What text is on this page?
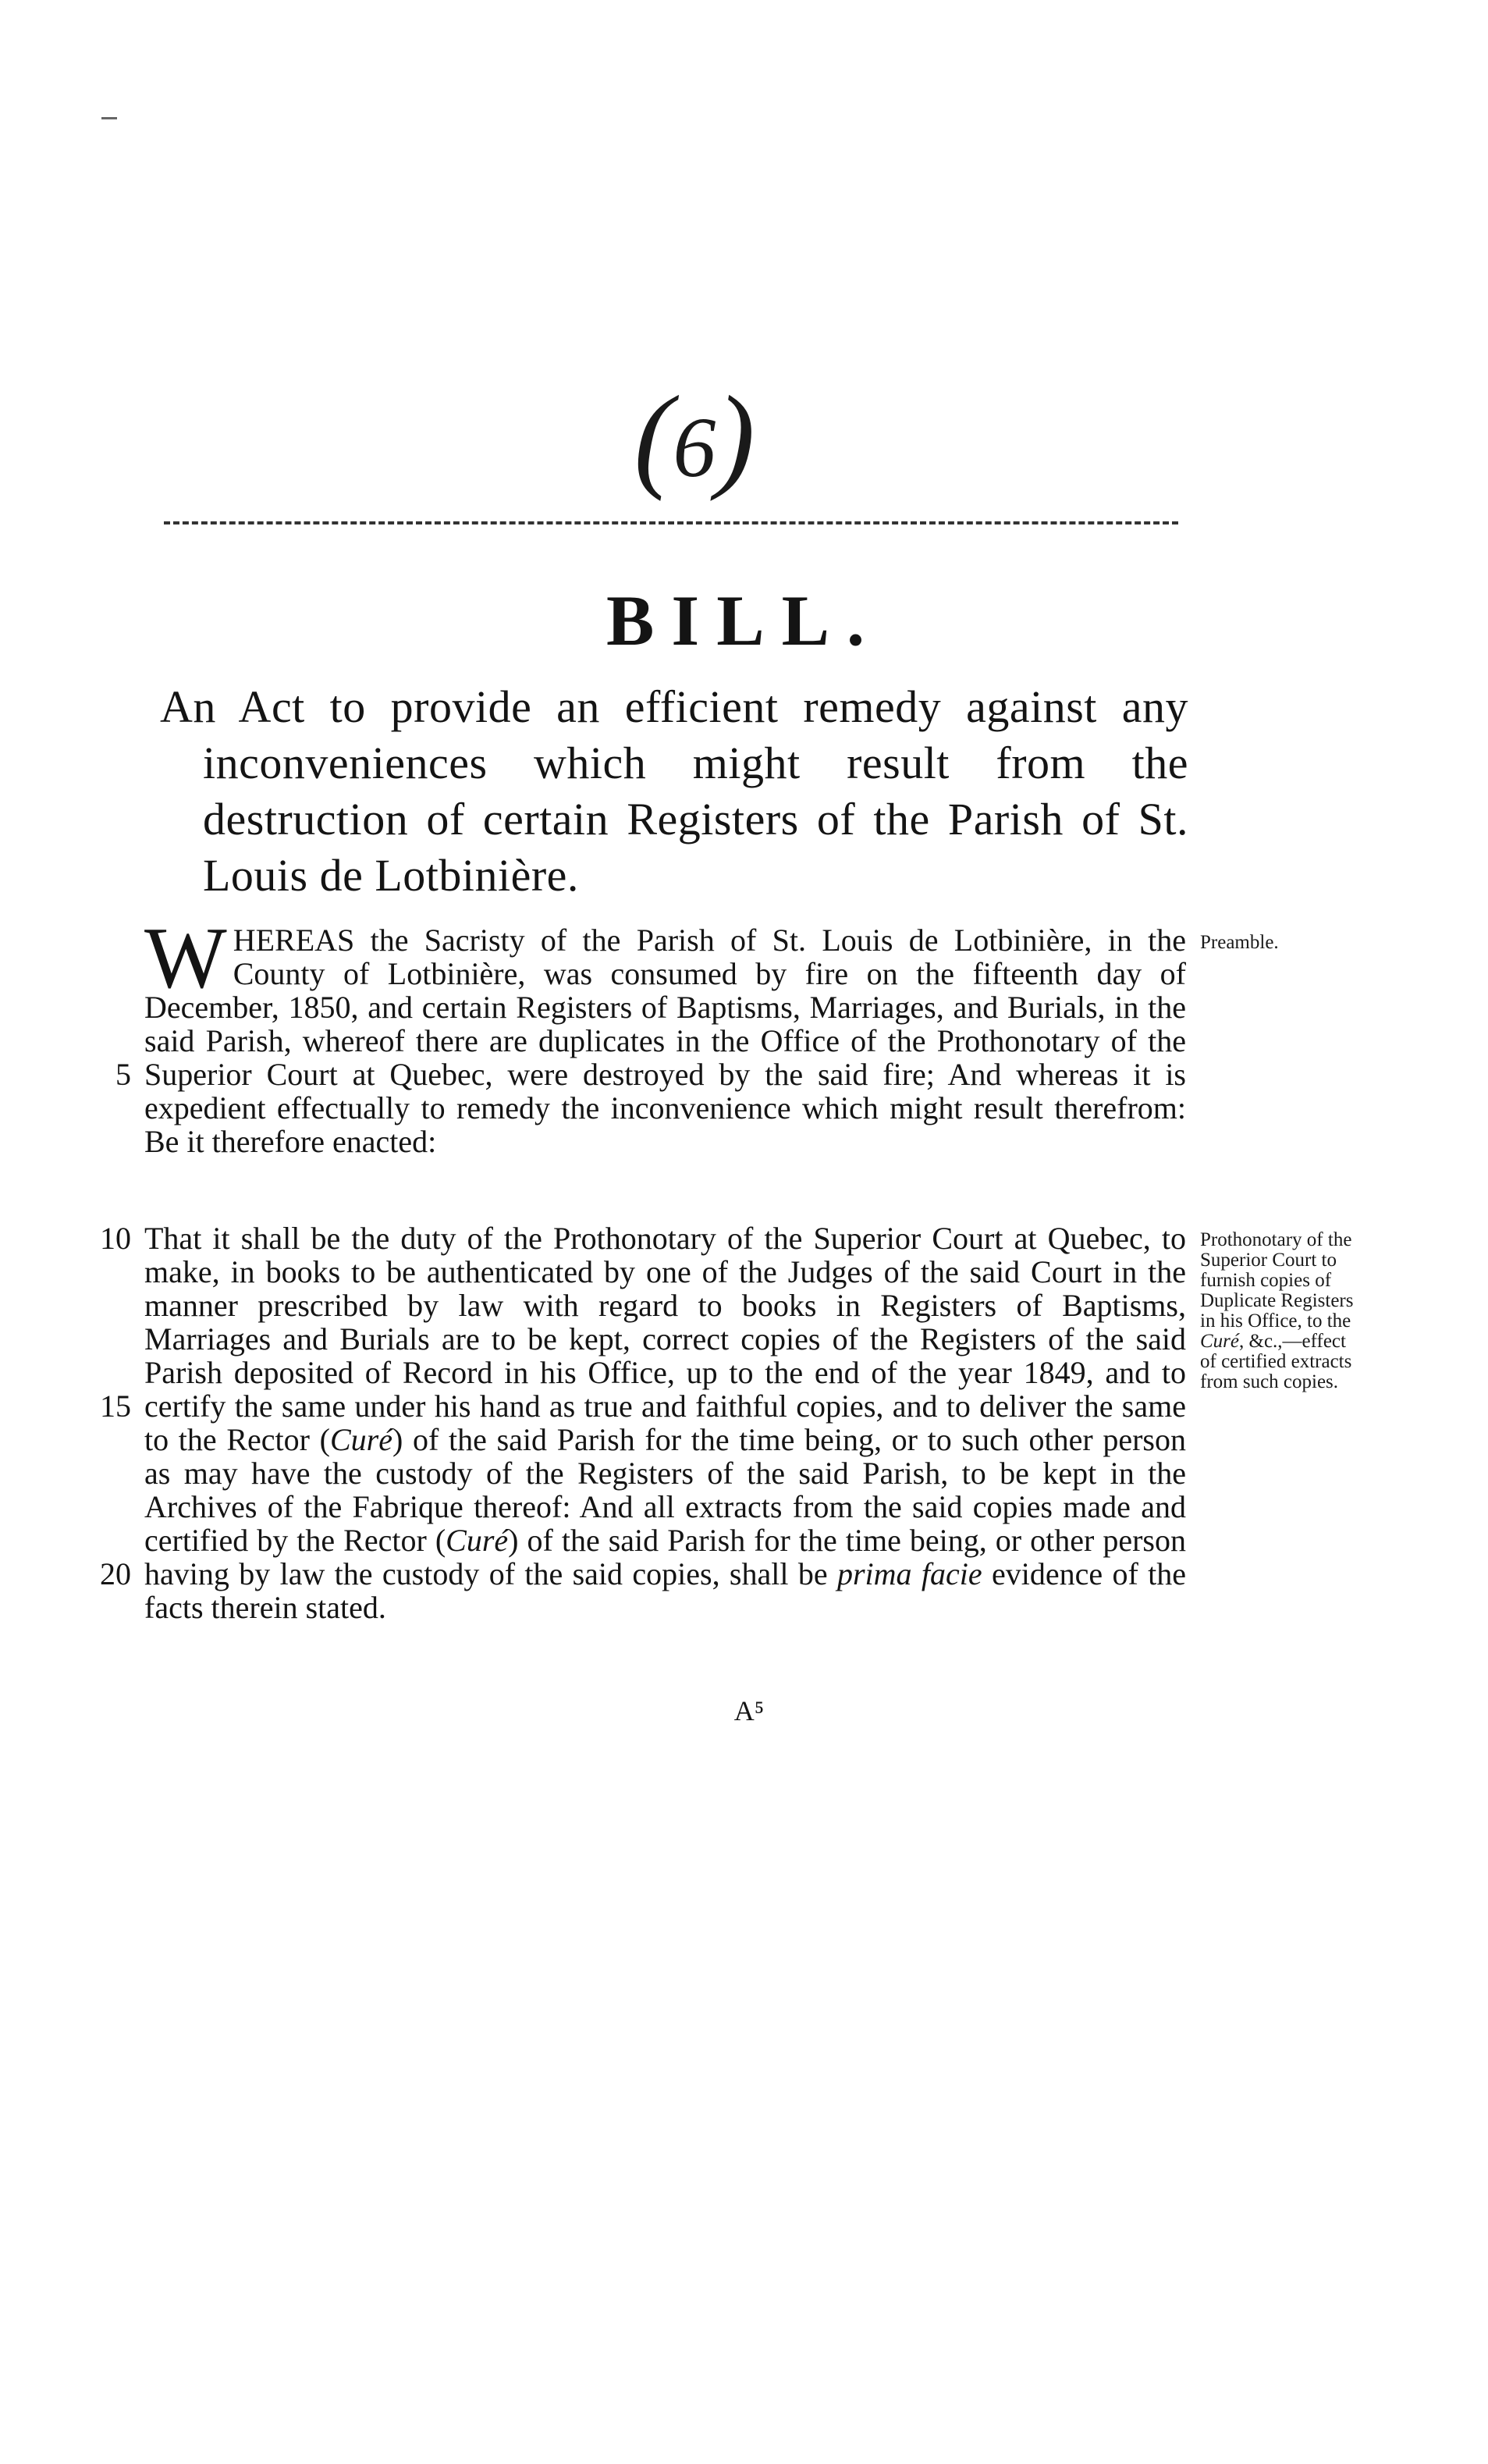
(6)
BILL.
An Act to provide an efficient remedy against any inconveniences which might result from the destruction of certain Registers of the Parish of St. Louis de Lotbinière.
WHEREAS the Sacristy of the Parish of St. Louis de Lotbinière, in the County of Lotbinière, was consumed by fire on the fifteenth day of December, 1850, and certain Registers of Baptisms, Marriages, and Burials, in the said Parish, whereof there are duplicates in the Office of the Prothonotary of the Superior Court at Quebec, were destroyed by the said fire; And whereas it is expedient effectually to remedy the inconvenience which might result therefrom: Be it therefore enacted:
Preamble.
5
That it shall be the duty of the Prothonotary of the Superior Court at Quebec, to make, in books to be authenticated by one of the Judges of the said Court in the manner prescribed by law with regard to books in Registers of Baptisms, Marriages and Burials are to be kept, correct copies of the Registers of the said Parish deposited of Record in his Office, up to the end of the year 1849, and to certify the same under his hand as true and faithful copies, and to deliver the same to the Rector (Curé) of the said Parish for the time being, or to such other person as may have the custody of the Registers of the said Parish, to be kept in the Archives of the Fabrique thereof: And all extracts from the said copies made and certified by the Rector (Curé) of the said Parish for the time being, or other person having by law the custody of the said copies, shall be prima facie evidence of the facts therein stated.
Prothonotary of the Superior Court to furnish copies of Duplicate Registers in his Office, to the Curé, &c.,—effect of certified extracts from such copies.
10
15
20
A⁵
